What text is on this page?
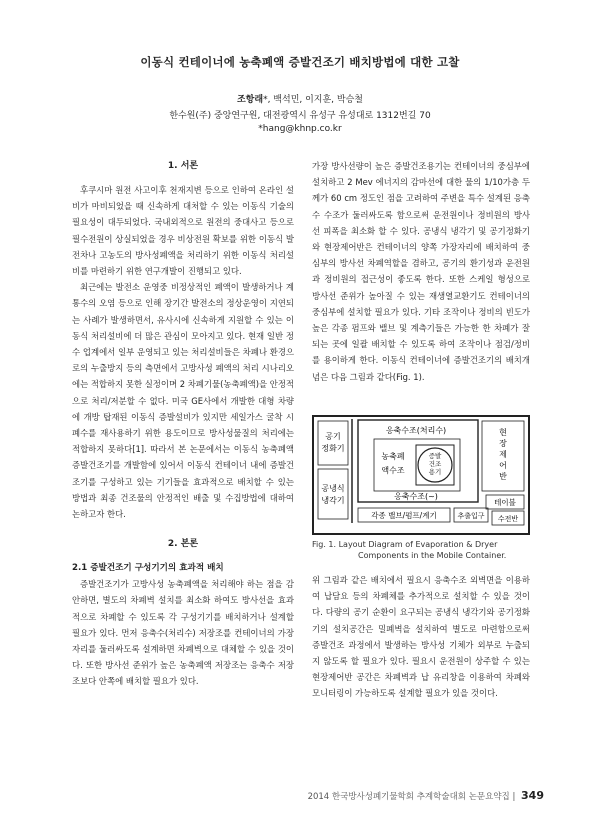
이동식 컨테이너에 농축폐액 증발건조기 배치방법에 대한 고찰
조항래*, 백석민, 이지훈, 박승철
한수원(주) 중앙연구원, 대전광역시 유성구 유성대로 1312번길 70
*hang@khnp.co.kr

1. 서론

후쿠시마 원전 사고이후 천재지변 등으로 인하여 온라인 설비가 마비되었을 때 신속하게 대처할 수 있는 이동식 기술의 필요성이 대두되었다. 국내외적으로 원전의 중대사고 등으로 필수전원이 상실되었을 경우 비상전원 확보를 위한 이동식 발전차나 고농도의 방사성폐액을 처리하기 위한 이동식 처리설비를 마련하기 위한 연구개발이 진행되고 있다.

최근에는 발전소 운영중 비정상적인 폐액이 발생하거나 계통수의 오염 등으로 인해 장기간 발전소의 정상운영이 지연되는 사례가 발생하면서, 유사시에 신속하게 지원할 수 있는 이동식 처리설비에 더 많은 관심이 모아지고 있다. 현재 일반 정수 업계에서 일부 운영되고 있는 처리설비들은 차폐나 환경으로의 누출방지 등의 측면에서 고방사성 폐액의 처리 시나리오에는 적합하지 못한 실정이며 2 차폐기물(농축폐액)을 안정적으로 처리/저분할 수 없다. 미국 GE사에서 개발한 대형 차량에 개방 탑재된 이동식 증발설비가 있지만 세일가스 굴착 시 폐수를 재사용하기 위한 용도이므로 방사성물질의 처리에는 적합하지 못하다[1]. 따라서 본 논문에서는 이동식 농축폐액 증발건조기를 개발함에 있어서 이동식 컨테이너 내에 증발건조기를 구성하고 있는 기기들을 효과적으로 배치할 수 있는 방법과 최종 건조물의 안정적인 배출 및 수집방법에 대하여 논하고자 한다.

2. 본론

2.1 증발건조기 구성기기의 효과적 배치

증발건조기가 고방사성 농축폐액을 처리해야 하는 점을 감안하면, 별도의 차폐벽 설치를 최소화 하여도 방사선을 효과적으로 차폐할 수 있도록 각 구성기기를 배치하거나 설계할 필요가 있다. 먼저 응축수(처리수) 저장조를 컨테이너의 가장자리를 둘러싸도록 설계하면 차폐벽으로 대체할 수 있을 것이다. 또한 방사선 준위가 높은 농축폐액 저장조는 응축수 저장조보다 안쪽에 배치할 필요가 있다.

가장 방사선량이 높은 증발건조용기는 컨테이너의 중심부에 설치하고 2 Mev 에너지의 감마선에 대한 물의 1/10가층 두께가 60 cm 정도인 점을 고려하여 주변을 특수 설계된 응축수 수조가 둘러싸도록 함으로써 운전원이나 정비원의 방사선 피폭을 최소화 할 수 있다. 공냉식 냉각기 및 공기정화기와 현장제어반은 컨테이너의 양쪽 가장자리에 배치하여 중심부의 방사선 차폐역할을 겸하고, 공기의 환기성과 운전원과 정비원의 접근성이 좋도록 한다. 또한 스케일 형성으로 방사선 준위가 높아질 수 있는 재생열교환기도 컨테이너의 중심부에 설치할 필요가 있다. 기타 조작이나 정비의 빈도가 높은 각종 펌프와 밸브 및 계측기들은 가능한 한 차폐가 잘되는 곳에 일괄 배치할 수 있도록 하여 조작이나 점검/정비를 용이하게 한다. 이동식 컨테이너에 증발건조기의 배치개념은 다음 그림과 같다(Fig. 1).

공기
정화기
공냉식
냉각기
응축수조(처리수)
농축폐
액수조
증발
건조
용기
응축수조(~)
현
장
제
어
반
테이블
각종 밸브/펌프/계기	추출입구 수전반
Fig. 1. Layout Diagram of Evaporation & Dryer
Components in the Mobile Container.

위 그림과 같은 배치에서 필요시 응축수조 외벽면을 이용하여 납담요 등의 차폐체를 추가적으로 설치할 수 있을 것이다. 다량의 공기 순환이 요구되는 공냉식 냉각기와 공기정화기의 설치공간은 밀폐벽을 설치하여 별도로 마련함으로써 증발건조 과정에서 발생하는 방사성 기체가 외부로 누출되지 않도록 할 필요가 있다. 필요시 운전원이 상주할 수 있는 현장제어반 공간은 차폐벽과 납 유리창을 이용하여 차폐와 모니터링이 가능하도록 설계할 필요가 있을 것이다.

2014 한국방사성폐기물학회 추계학술대회 논문요약집 | 349
